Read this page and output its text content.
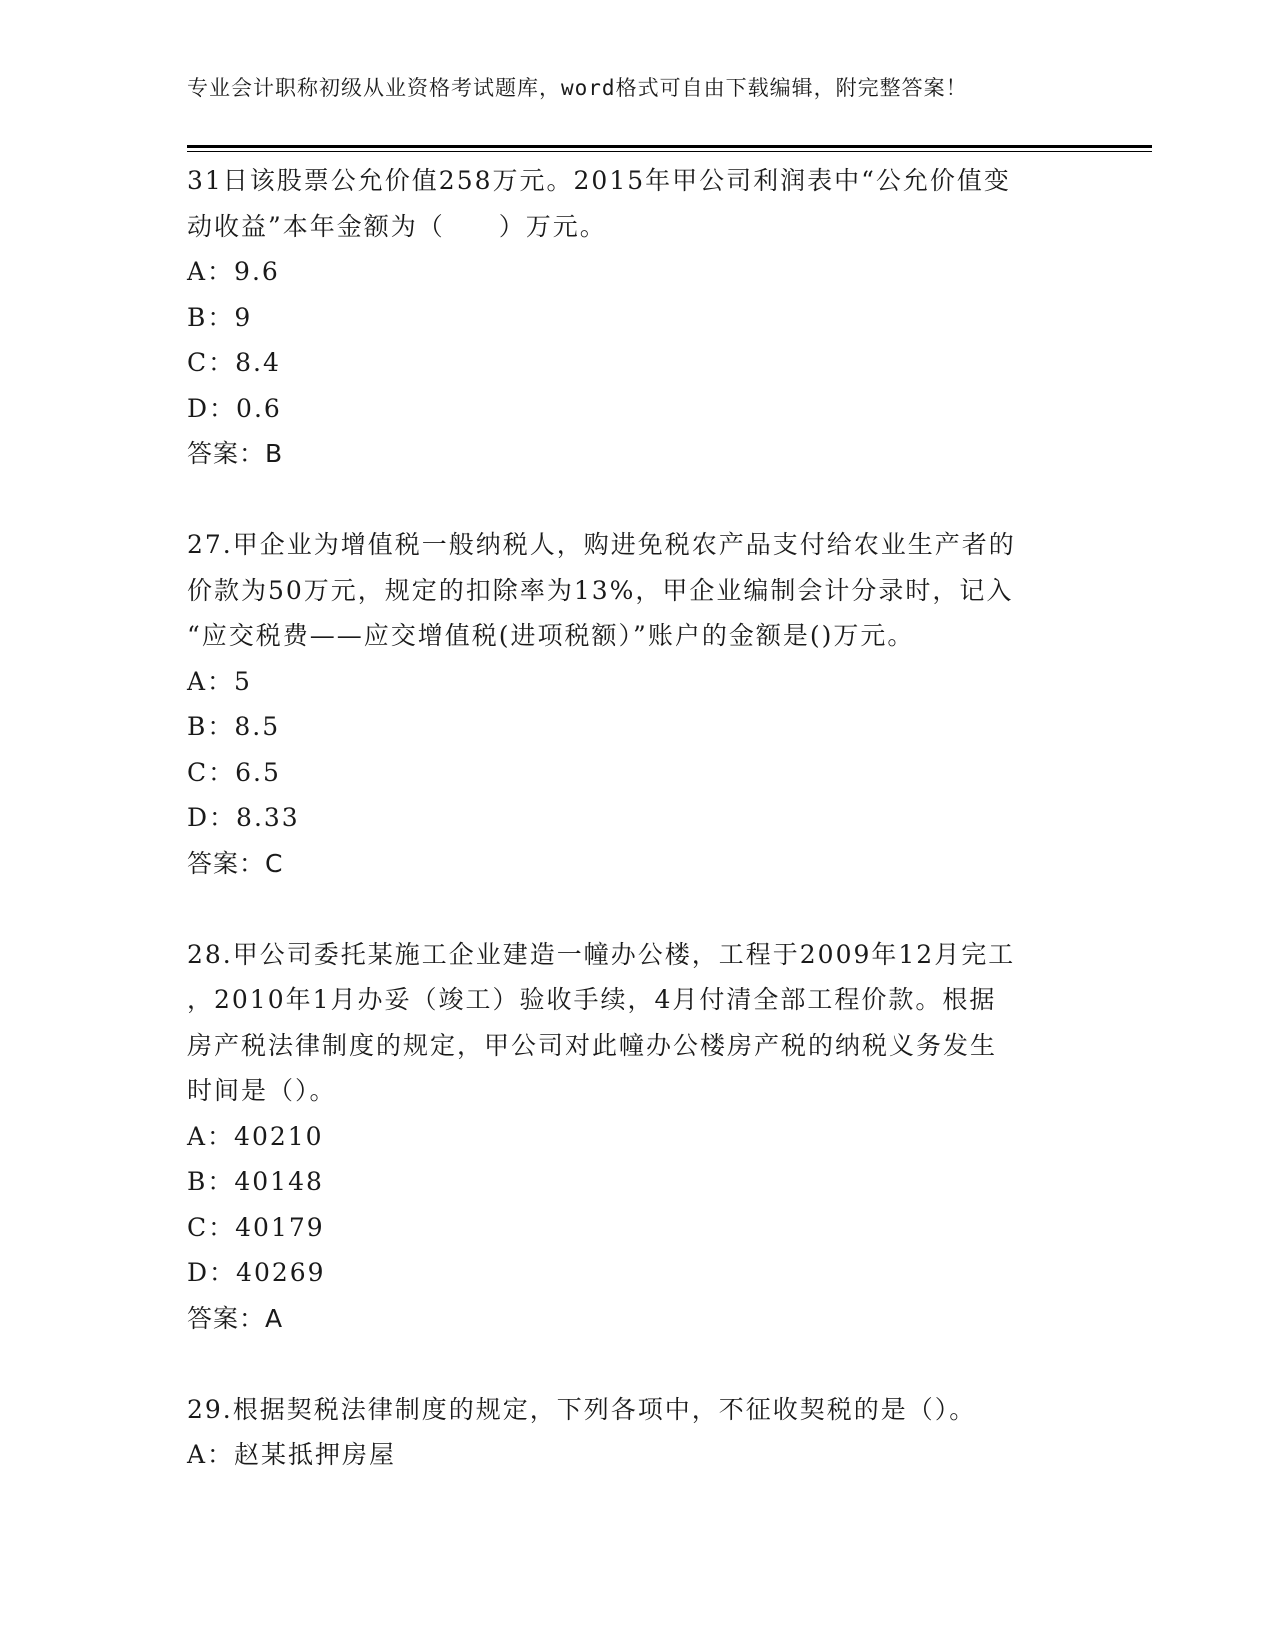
专业会计职称初级从业资格考试题库，word格式可自由下载编辑，附完整答案！
31日该股票公允价值258万元。2015年甲公司利润表中“公允价值变
动收益”本年金额为（　　）万元。
A：9.6
B：9
C：8.4
D：0.6
答案：B
27.甲企业为增值税一般纳税人，购进免税农产品支付给农业生产者的
价款为50万元，规定的扣除率为13%，甲企业编制会计分录时，记入
“应交税费——应交增值税(进项税额）”账户的金额是()万元。
A：5
B：8.5
C：6.5
D：8.33
答案：C
28.甲公司委托某施工企业建造一幢办公楼，工程于2009年12月完工
，2010年1月办妥（竣工）验收手续，4月付清全部工程价款。根据
房产税法律制度的规定，甲公司对此幢办公楼房产税的纳税义务发生
时间是（）。
A：40210
B：40148
C：40179
D：40269
答案：A
29.根据契税法律制度的规定，下列各项中，不征收契税的是（）。
A：赵某抵押房屋
